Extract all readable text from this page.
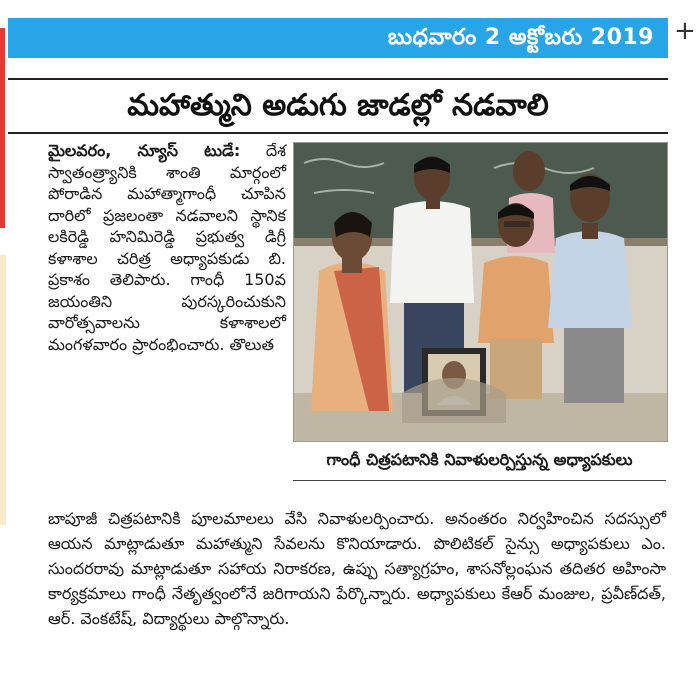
బుధవారం 2 అక్టోబరు 2019 +
మహాత్ముని అడుగు జాడల్లో నడవాలి

మైలవరం, న్యూస్ టుడే: దేశ స్వాతంత్ర్యానికి శాంతి మార్గంలో పోరాడిన మహాత్మాగాంధీ చూపిన దారిలో ప్రజలంతా నడవాలని స్థానిక లకిరెడ్డి హనిమిరెడ్డి ప్రభుత్వ డిగ్రీ కళాశాల చరిత్ర అధ్యాపకుడు బి. ప్రకాశం తెలిపారు. గాంధీ 150వ జయంతిని పురస్కరించుకుని వారోత్సవాలను కళాశాలలో మంగళవారం ప్రారంభించారు. తొలుత

గాంధీ చిత్రపటానికి నివాళులర్పిస్తున్న అధ్యాపకులు

బాపూజీ చిత్రపటానికి పూలమాలలు వేసి నివాళులర్పించారు. అనంతరం నిర్వహించిన సదస్సులో ఆయన మాట్లాడుతూ మహాత్ముని సేవలను కొనియాడారు. పొలిటికల్ సైన్సు అధ్యాపకులు ఎం. సుందరరావు మాట్లాడుతూ సహాయ నిరాకరణ, ఉప్పు సత్యాగ్రహం, శాసనోల్లంఘన తదితర అహింసా కార్యక్రమాలు గాంధీ నేతృత్వంలోనే జరిగాయని పేర్కొన్నారు. అధ్యాపకులు కేఆర్ మంజుల, ప్రవీణ్‌దత్, ఆర్. వెంకటేష్, విద్యార్థులు పాల్గొన్నారు.
